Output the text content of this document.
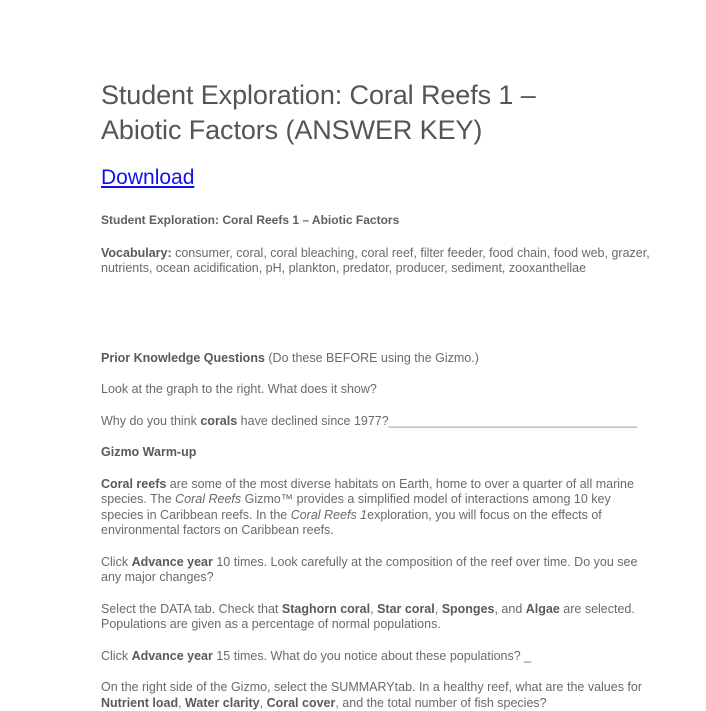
Student Exploration: Coral Reefs 1 – Abiotic Factors (ANSWER KEY)
Download
Student Exploration: Coral Reefs 1 – Abiotic Factors

Vocabulary: consumer, coral, coral bleaching, coral reef, filter feeder, food chain, food web, grazer, nutrients, ocean acidification, pH, plankton, predator, producer, sediment, zooxanthellae

Prior Knowledge Questions (Do these BEFORE using the Gizmo.)

Look at the graph to the right. What does it show?

Why do you think corals have declined since 1977?_______________________________________

Gizmo Warm-up

Coral reefs are some of the most diverse habitats on Earth, home to over a quarter of all marine species. The Coral Reefs Gizmo™ provides a simplified model of interactions among 10 key species in Caribbean reefs. In the Coral Reefs 1exploration, you will focus on the effects of environmental factors on Caribbean reefs.

Click Advance year 10 times. Look carefully at the composition of the reef over time. Do you see any major changes?

Select the DATA tab. Check that Staghorn coral, Star coral, Sponges, and Algae are selected. Populations are given as a percentage of normal populations.

Click Advance year 15 times. What do you notice about these populations? _

On the right side of the Gizmo, select the SUMMARYtab. In a healthy reef, what are the values for Nutrient load, Water clarity, Coral cover, and the total number of fish species?
